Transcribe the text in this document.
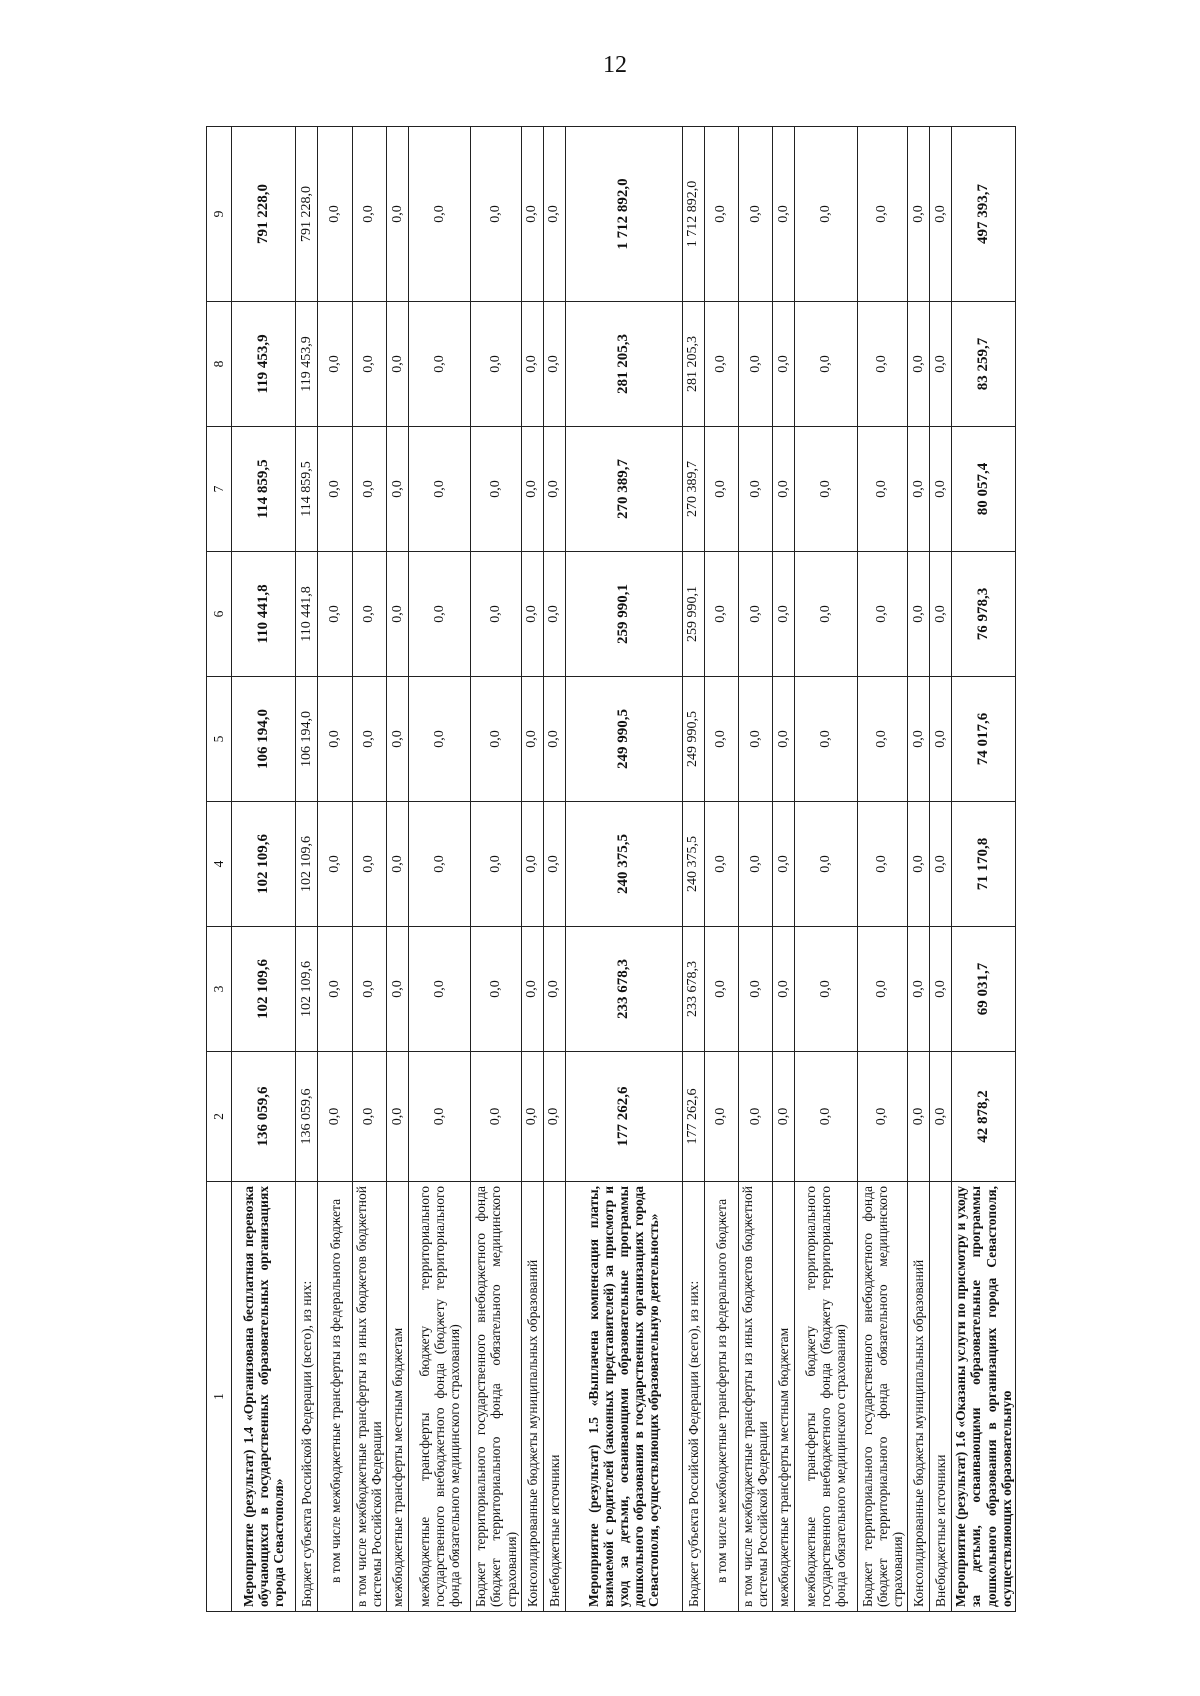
12
1	2	3	4	5	6	7	8	9
Мероприятие (результат) 1.4 «Организована бесплатная перевозка обучающихся в государственных образовательных организациях города Севастополя»	136 059,6	102 109,6	102 109,6	106 194,0	110 441,8	114 859,5	119 453,9	791 228,0
Бюджет субъекта Российской Федерации (всего), из них:	136 059,6	102 109,6	102 109,6	106 194,0	110 441,8	114 859,5	119 453,9	791 228,0
в том числе межбюджетные трансферты из федерального бюджета	0,0	0,0	0,0	0,0	0,0	0,0	0,0	0,0
в том числе межбюджетные трансферты из иных бюджетов бюджетной системы Российской Федерации	0,0	0,0	0,0	0,0	0,0	0,0	0,0	0,0
межбюджетные трансферты местным бюджетам	0,0	0,0	0,0	0,0	0,0	0,0	0,0	0,0
межбюджетные трансферты бюджету территориального государственного внебюджетного фонда (бюджету территориального фонда обязательного медицинского страхования)	0,0	0,0	0,0	0,0	0,0	0,0	0,0	0,0
Бюджет территориального государственного внебюджетного фонда (бюджет территориального фонда обязательного медицинского страхования)	0,0	0,0	0,0	0,0	0,0	0,0	0,0	0,0
Консолидированные бюджеты муниципальных образований	0,0	0,0	0,0	0,0	0,0	0,0	0,0	0,0
Внебюджетные источники	0,0	0,0	0,0	0,0	0,0	0,0	0,0	0,0
Мероприятие (результат) 1.5 «Выплачена компенсация платы, взимаемой с родителей (законных представителей) за присмотр и уход за детьми, осваивающими образовательные программы дошкольного образования в государственных организациях города Севастополя, осуществляющих образовательную деятельность»	177 262,6	233 678,3	240 375,5	249 990,5	259 990,1	270 389,7	281 205,3	1 712 892,0
Бюджет субъекта Российской Федерации (всего), из них:	177 262,6	233 678,3	240 375,5	249 990,5	259 990,1	270 389,7	281 205,3	1 712 892,0
в том числе межбюджетные трансферты из федерального бюджета	0,0	0,0	0,0	0,0	0,0	0,0	0,0	0,0
в том числе межбюджетные трансферты из иных бюджетов бюджетной системы Российской Федерации	0,0	0,0	0,0	0,0	0,0	0,0	0,0	0,0
межбюджетные трансферты местным бюджетам	0,0	0,0	0,0	0,0	0,0	0,0	0,0	0,0
межбюджетные трансферты бюджету территориального государственного внебюджетного фонда (бюджету территориального фонда обязательного медицинского страхования)	0,0	0,0	0,0	0,0	0,0	0,0	0,0	0,0
Бюджет территориального государственного внебюджетного фонда (бюджет территориального фонда обязательного медицинского страхования)	0,0	0,0	0,0	0,0	0,0	0,0	0,0	0,0
Консолидированные бюджеты муниципальных образований	0,0	0,0	0,0	0,0	0,0	0,0	0,0	0,0
Внебюджетные источники	0,0	0,0	0,0	0,0	0,0	0,0	0,0	0,0
Мероприятие (результат) 1.6 «Оказаны услуги по присмотру и уходу за детьми, осваивающими образовательные программы дошкольного образования в организациях города Севастополя, осуществляющих образовательную	42 878,2	69 031,7	71 170,8	74 017,6	76 978,3	80 057,4	83 259,7	497 393,7
